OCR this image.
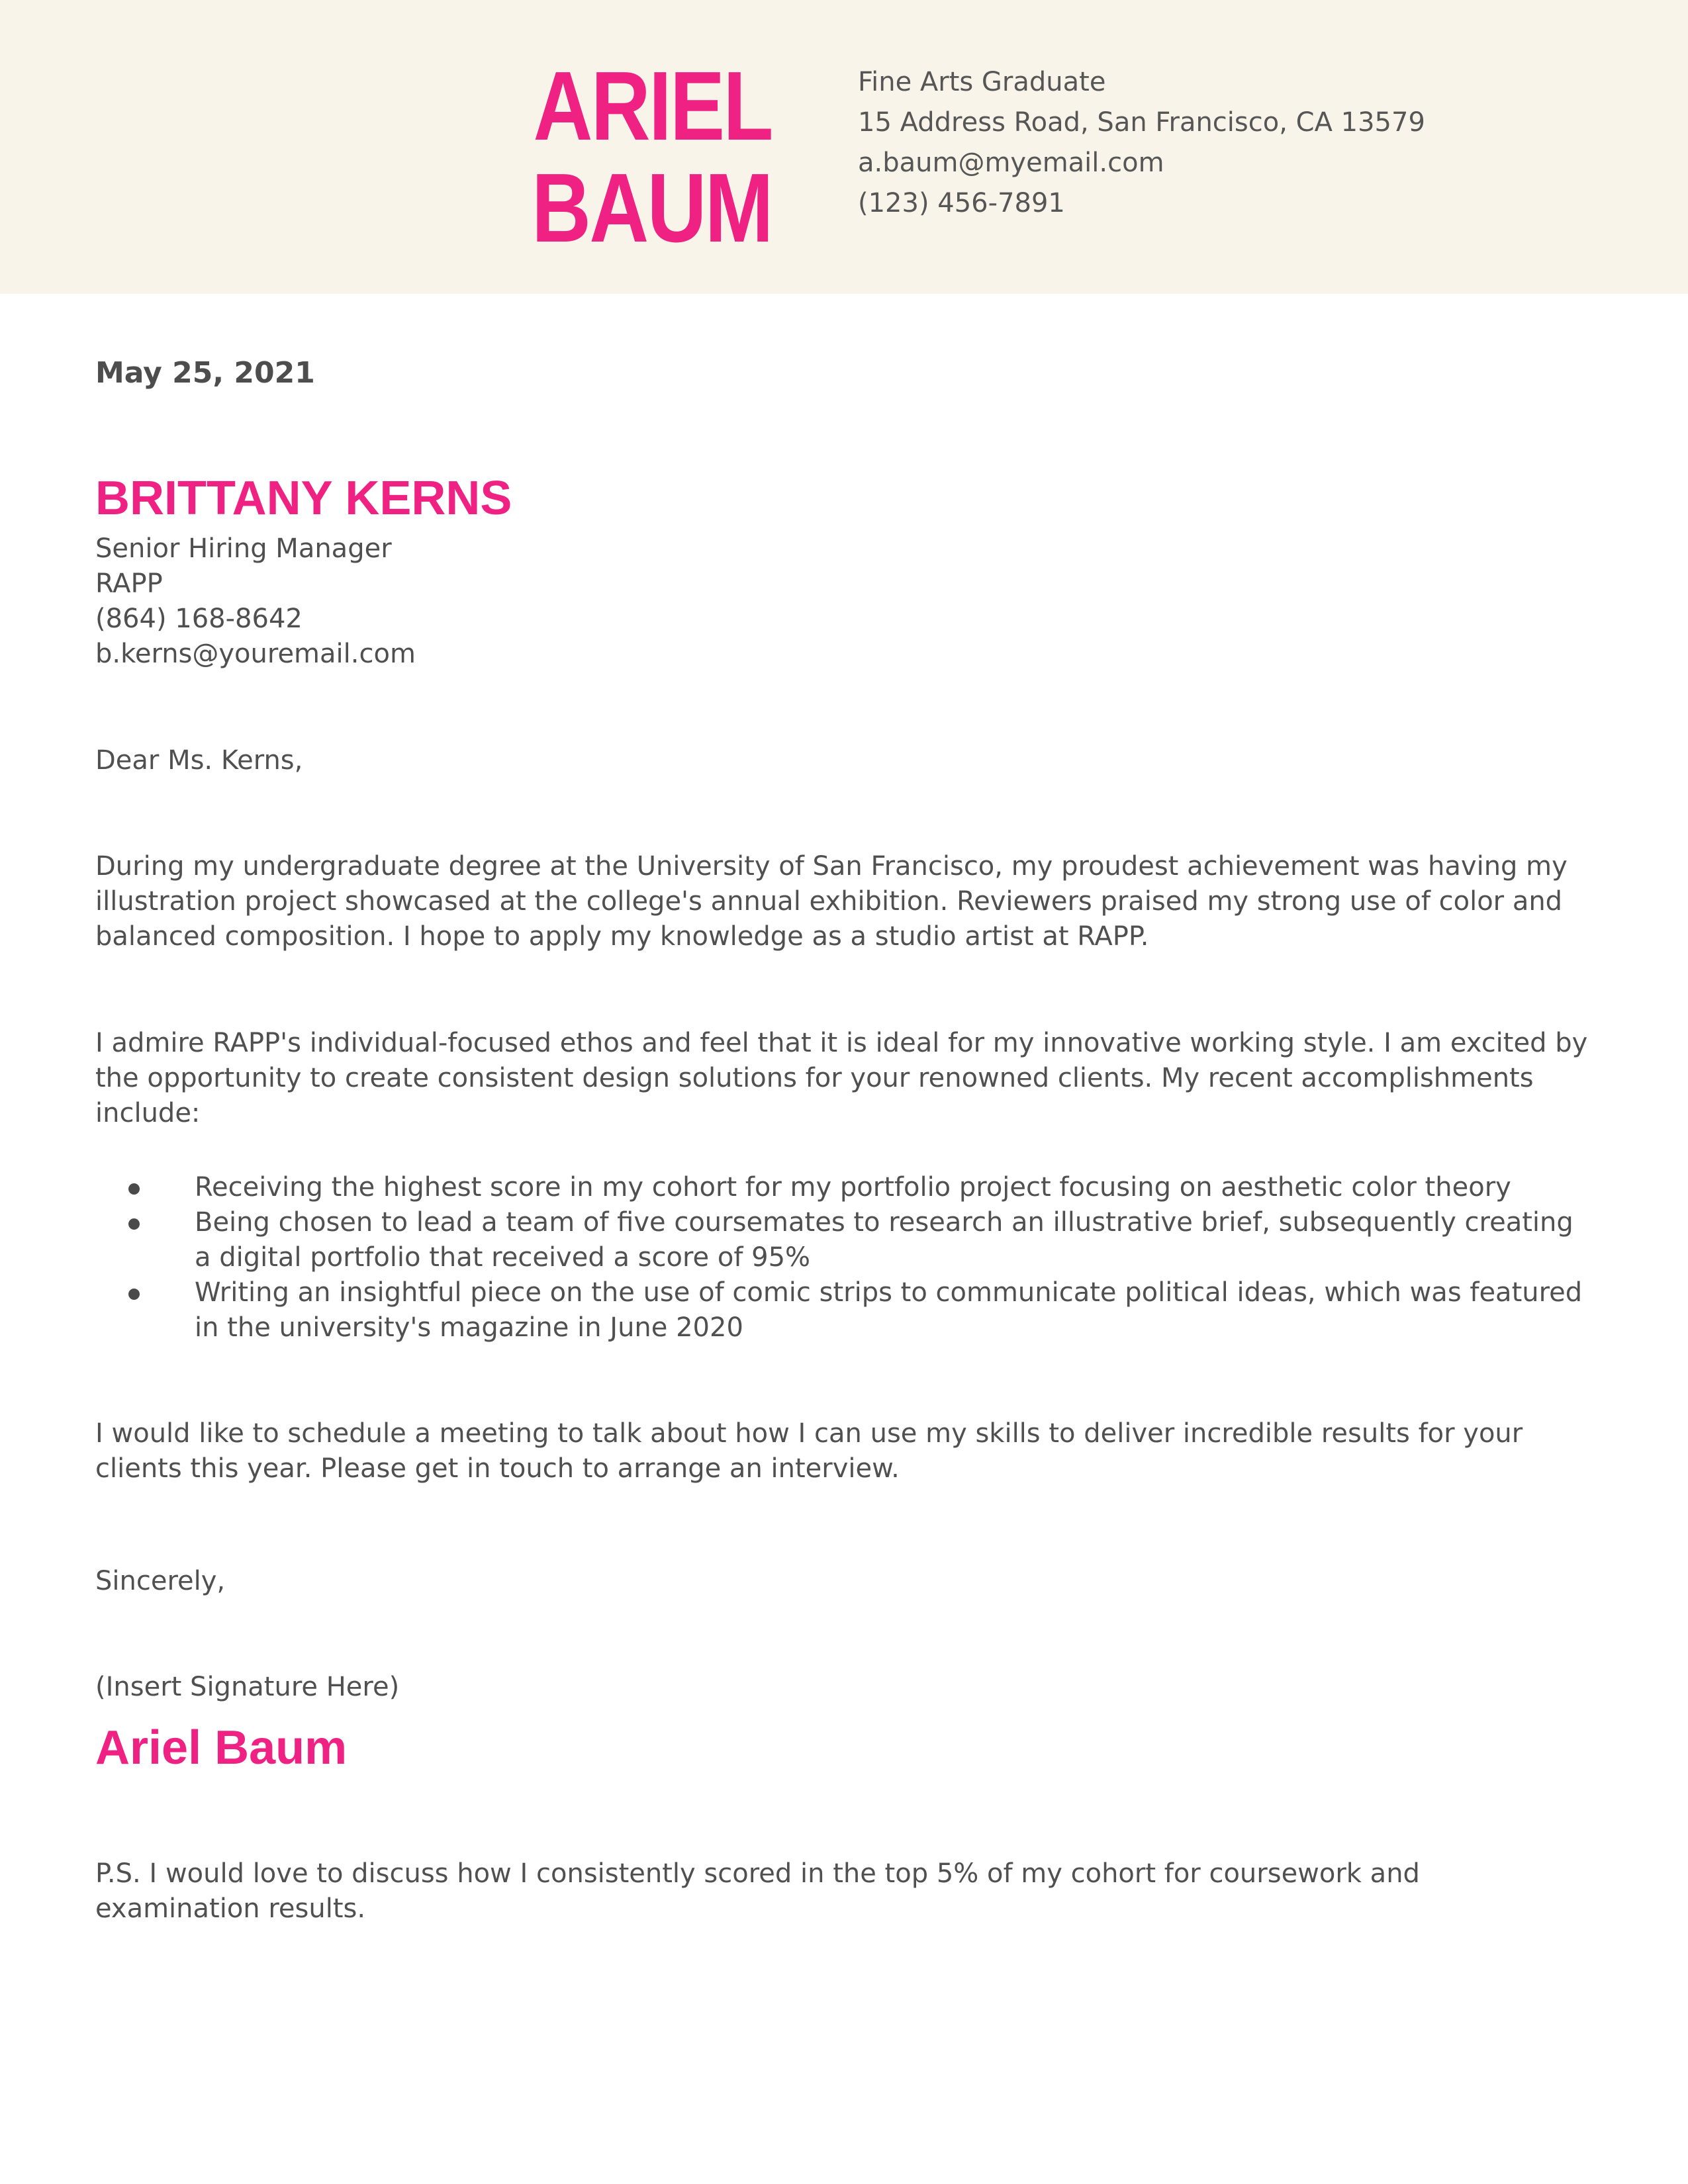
ARIEL
BAUM
Fine Arts Graduate
15 Address Road, San Francisco, CA 13579
a.baum@myemail.com
(123) 456-7891
May 25, 2021
BRITTANY KERNS
Senior Hiring Manager
RAPP
(864) 168-8642
b.kerns@youremail.com
Dear Ms. Kerns,
During my undergraduate degree at the University of San Francisco, my proudest achievement was having my illustration project showcased at the college's annual exhibition. Reviewers praised my strong use of color and balanced composition. I hope to apply my knowledge as a studio artist at RAPP.
I admire RAPP's individual-focused ethos and feel that it is ideal for my innovative working style. I am excited by the opportunity to create consistent design solutions for your renowned clients. My recent accomplishments include:
Receiving the highest score in my cohort for my portfolio project focusing on aesthetic color theory
Being chosen to lead a team of five coursemates to research an illustrative brief, subsequently creating a digital portfolio that received a score of 95%
Writing an insightful piece on the use of comic strips to communicate political ideas, which was featured in the university's magazine in June 2020
I would like to schedule a meeting to talk about how I can use my skills to deliver incredible results for your clients this year. Please get in touch to arrange an interview.
Sincerely,
(Insert Signature Here)
Ariel Baum
P.S. I would love to discuss how I consistently scored in the top 5% of my cohort for coursework and examination results.
